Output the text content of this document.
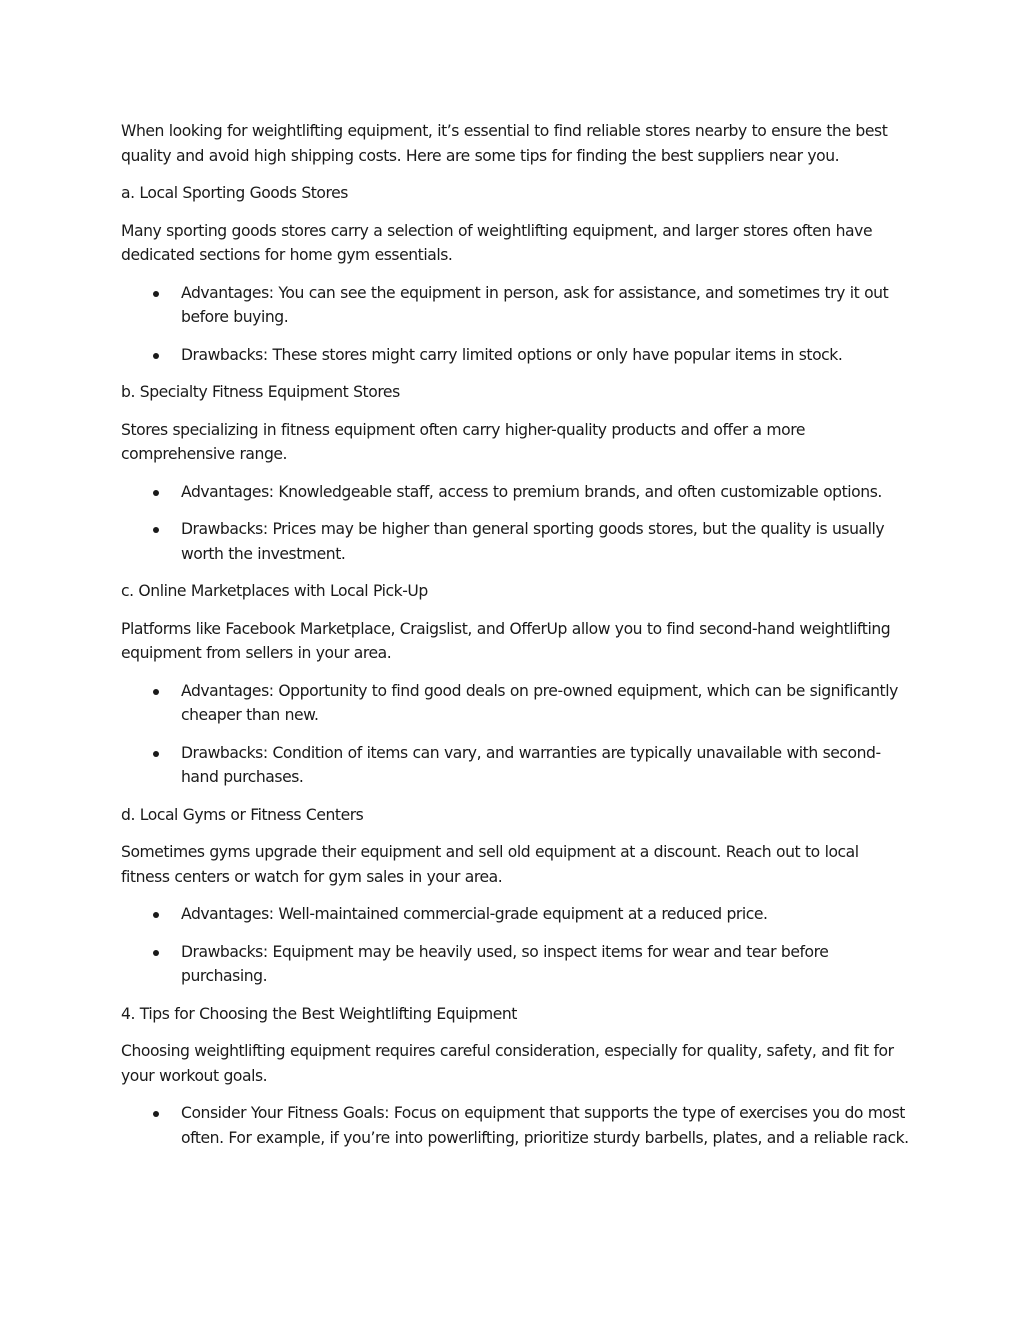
When looking for weightlifting equipment, it’s essential to find reliable stores nearby to ensure the best quality and avoid high shipping costs. Here are some tips for finding the best suppliers near you.

a. Local Sporting Goods Stores

Many sporting goods stores carry a selection of weightlifting equipment, and larger stores often have dedicated sections for home gym essentials.

Advantages: You can see the equipment in person, ask for assistance, and sometimes try it out before buying.
Drawbacks: These stores might carry limited options or only have popular items in stock.

b. Specialty Fitness Equipment Stores

Stores specializing in fitness equipment often carry higher-quality products and offer a more comprehensive range.

Advantages: Knowledgeable staff, access to premium brands, and often customizable options.
Drawbacks: Prices may be higher than general sporting goods stores, but the quality is usually worth the investment.

c. Online Marketplaces with Local Pick-Up

Platforms like Facebook Marketplace, Craigslist, and OfferUp allow you to find second-hand weightlifting equipment from sellers in your area.

Advantages: Opportunity to find good deals on pre-owned equipment, which can be significantly cheaper than new.
Drawbacks: Condition of items can vary, and warranties are typically unavailable with second-hand purchases.

d. Local Gyms or Fitness Centers

Sometimes gyms upgrade their equipment and sell old equipment at a discount. Reach out to local fitness centers or watch for gym sales in your area.

Advantages: Well-maintained commercial-grade equipment at a reduced price.
Drawbacks: Equipment may be heavily used, so inspect items for wear and tear before purchasing.

4. Tips for Choosing the Best Weightlifting Equipment

Choosing weightlifting equipment requires careful consideration, especially for quality, safety, and fit for your workout goals.

Consider Your Fitness Goals: Focus on equipment that supports the type of exercises you do most often. For example, if you’re into powerlifting, prioritize sturdy barbells, plates, and a reliable rack.
